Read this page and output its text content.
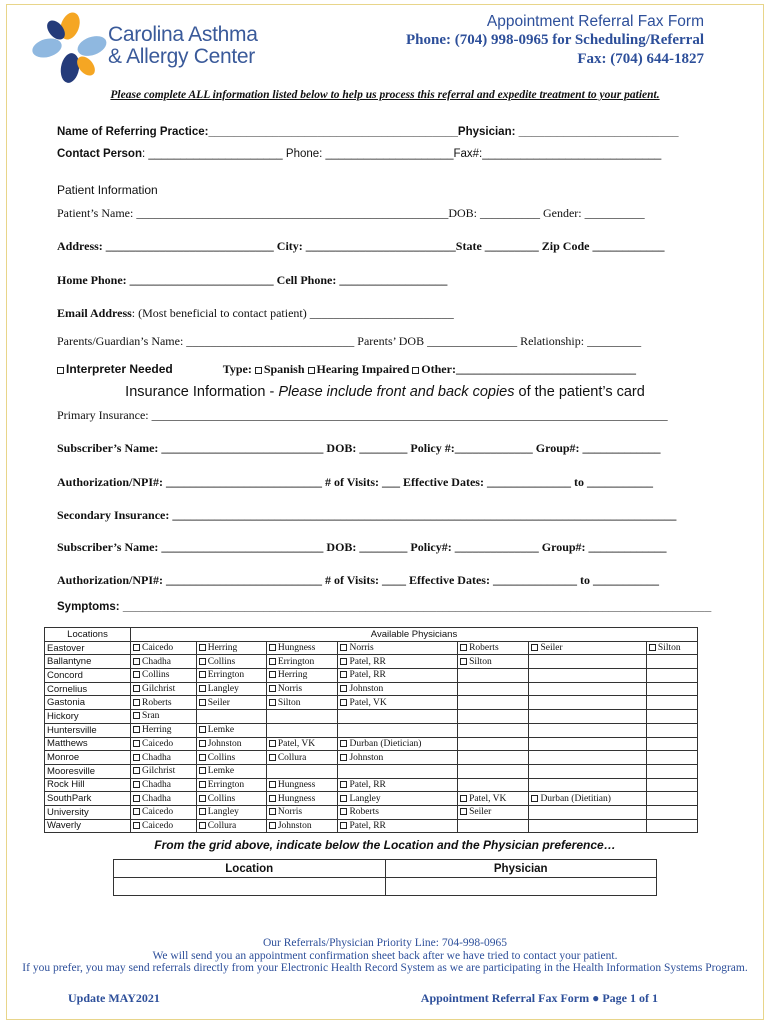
Carolina Asthma
& Allergy Center
Appointment Referral Fax Form
Phone: (704) 998-0965 for Scheduling/Referral
Fax: (704) 644-1827
Please complete ALL information listed below to help us process this referral and expedite treatment to your patient.
Name of Referring Practice:_______________________________________Physician: _________________________
Contact Person: _____________________ Phone: ____________________Fax#:____________________________
Patient Information
Patient’s Name: ____________________________________________________DOB: __________ Gender: __________
Address: ____________________________ City: _________________________State _________ Zip Code ____________
Home Phone: ________________________ Cell Phone: __________________
Email Address: (Most beneficial to contact patient) ________________________
Parents/Guardian’s Name: ____________________________ Parents’ DOB _______________ Relationship: _________
Interpreter Needed	Type: Spanish Hearing Impaired Other:______________________________
Insurance Information - Please include front and back copies of the patient’s card
Primary Insurance: ______________________________________________________________________________________
Subscriber’s Name: ___________________________ DOB: ________ Policy #:_____________ Group#: _____________
Authorization/NPI#: __________________________ # of Visits: ___ Effective Dates: ______________ to ___________
Secondary Insurance: ____________________________________________________________________________________
Subscriber’s Name: ___________________________ DOB: ________ Policy#: ______________ Group#: _____________
Authorization/NPI#: __________________________ # of Visits: ____ Effective Dates: ______________ to ___________
Symptoms: ____________________________________________________________________________________________
Locations	Available Physicians						
Eastover	Caicedo	Herring	Hungness	Norris	Roberts	Seiler	Silton
Ballantyne	Chadha	Collins	Errington	Patel, RR	Silton		
Concord	Collins	Errington	Herring	Patel, RR			
Cornelius	Gilchrist	Langley	Norris	Johnston			
Gastonia	Roberts	Seiler	Silton	Patel, VK			
Hickory	Sran						
Huntersville	Herring	Lemke					
Matthews	Caicedo	Johnston	Patel, VK	Durban (Dietician)			
Monroe	Chadha	Collins	Collura	Johnston			
Mooresville	Gilchrist	Lemke					
Rock Hill	Chadha	Errington	Hungness	Patel, RR			
SouthPark	Chadha	Collins	Hungness	Langley	Patel, VK	Durban (Dietitian)	
University	Caicedo	Langley	Norris	Roberts	Seiler		
Waverly	Caicedo	Collura	Johnston	Patel, RR			
From the grid above, indicate below the Location and the Physician preference…
Location	Physician

Our Referrals/Physician Priority Line: 704-998-0965
We will send you an appointment confirmation sheet back after we have tried to contact your patient.
If you prefer, you may send referrals directly from your Electronic Health Record System as we are participating in the Health Information Systems Program.
Update MAY2021	Appointment Referral Fax Form ● Page 1 of 1
